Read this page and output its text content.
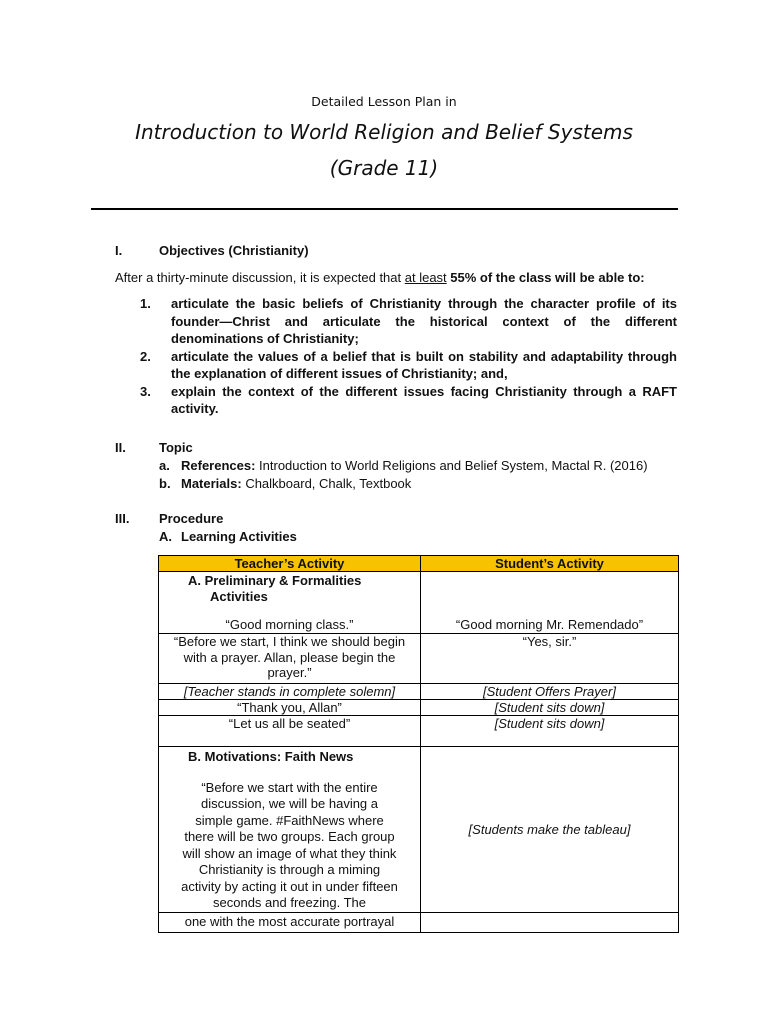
Detailed Lesson Plan in
Introduction to World Religion and Belief Systems
(Grade 11)
I.	Objectives (Christianity)
After a thirty-minute discussion, it is expected that at least 55% of the class will be able to:
1.	articulate the basic beliefs of Christianity through the character profile of its founder—Christ and articulate the historical context of the different denominations of Christianity;
2.	articulate the values of a belief that is built on stability and adaptability through the explanation of different issues of Christianity; and,
3.	explain the context of the different issues facing Christianity through a RAFT activity.
II.	Topic
a. References: Introduction to World Religions and Belief System, Mactal R. (2016)
b. Materials: Chalkboard, Chalk, Textbook
III. Procedure
A. Learning Activities
Teacher’s Activity	Student’s Activity

A. Preliminary & Formalities
Activities
“Good morning class.”	“Good morning Mr. Remendado”
“Before we start, I think we should begin with a prayer. Allan, please begin the prayer.”	“Yes, sir.”
[Teacher stands in complete solemn]	[Student Offers Prayer]
“Thank you, Allan”	[Student sits down]
“Let us all be seated”	[Student sits down]

B. Motivations: Faith News
“Before we start with the entire discussion, we will be having a simple game. #FaithNews where there will be two groups. Each group will show an image of what they think Christianity is through a miming activity by acting it out in under fifteen seconds and freezing. The	[Students make the tableau]
one with the most accurate portrayal	
